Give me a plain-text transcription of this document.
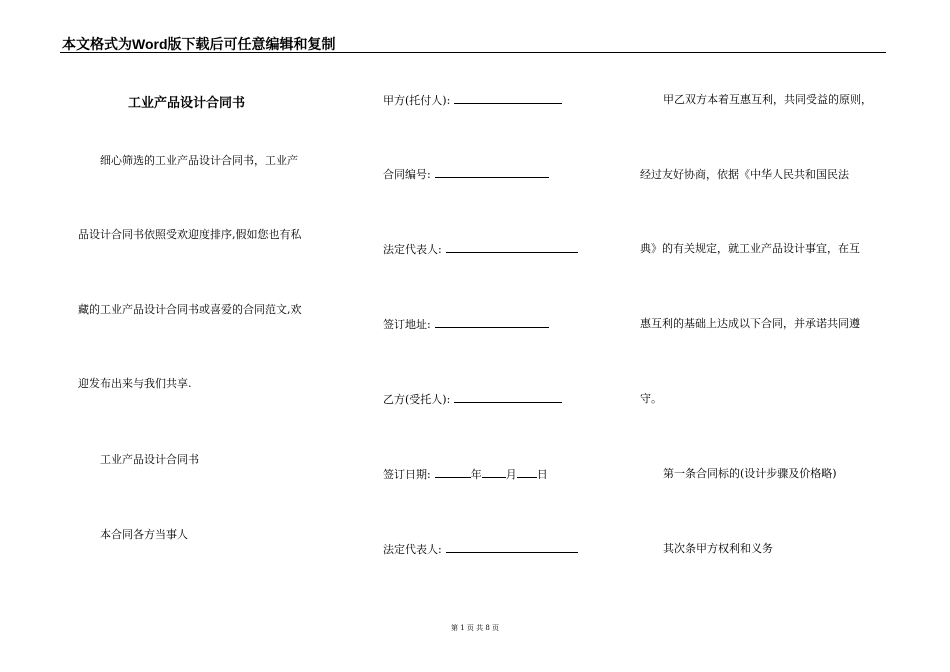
本文格式为Word版下载后可任意编辑和复制
工业产品设计合同书
细心筛选的工业产品设计合同书，工业产
品设计合同书依照受欢迎度排序,假如您也有私
藏的工业产品设计合同书或喜爱的合同范文,欢
迎发布出来与我们共享.
工业产品设计合同书
本合同各方当事人
甲方(托付人):
合同编号:
法定代表人:
签订地址:
乙方(受托人):
签订日期:	年 月 日
法定代表人:
甲乙双方本着互惠互利，共同受益的原则，
经过友好协商，依据《中华人民共和国民法
典》的有关规定，就工业产品设计事宜，在互
惠互利的基础上达成以下合同，并承诺共同遵
守。
第一条合同标的(设计步骤及价格略)
其次条甲方权利和义务
第 1 页 共 8 页
